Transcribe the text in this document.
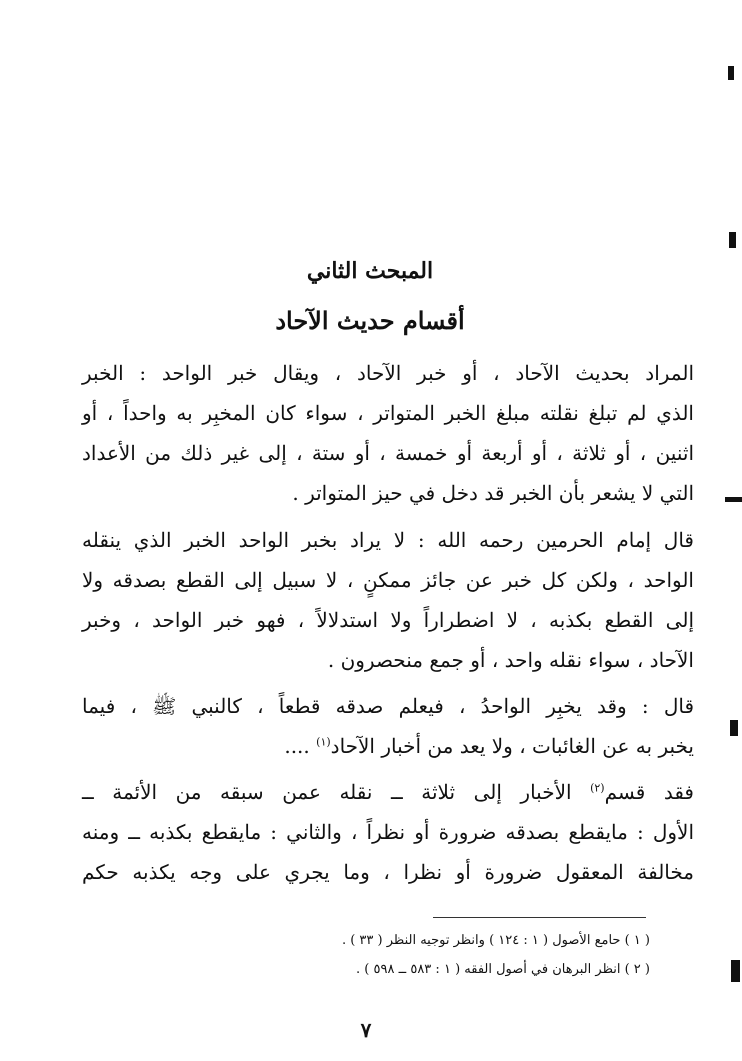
المبحث الثاني
أقسام حديث الآحاد
المراد بحديث الآحاد ، أو خبر الآحاد ، ويقال خبر الواحد : الخبر
الذي لم تبلغ نقلته مبلغ الخبر المتواتر ، سواء كان المخبِر به واحداً ، أو
اثنين ، أو ثلاثة ، أو أربعة أو خمسة ، أو ستة ، إلى غير ذلك من الأعداد
التي لا يشعر بأن الخبر قد دخل في حيز المتواتر .
قال إمام الحرمين رحمه الله : لا يراد بخبر الواحد الخبر الذي ينقله
الواحد ، ولكن كل خبر عن جائز ممكنٍ ، لا سبيل إلى القطع بصدقه ولا
إلى القطع بكذبه ، لا اضطراراً ولا استدلالاً ، فهو خبر الواحد ، وخبر
الآحاد ، سواء نقله واحد ، أو جمع منحصرون .
قال : وقد يخبِر الواحدُ ، فيعلم صدقه قطعاً ، كالنبي ﷺ ، فيما
يخبر به عن الغائبات ، ولا يعد من أخبار الآحاد$^{(١)}$ ....
فقد قسم$^{(٢)}$ الأخبار إلى ثلاثة ــ نقله عمن سبقه من الأئمة ــ
الأول : مايقطع بصدقه ضرورة أو نظراً ، والثاني : مايقطع بكذبه ــ ومنه
مخالفة المعقول ضرورة أو نظرا ، وما يجري على وجه يكذبه حكم
( ١ ) حامع الأصول ( ١ : ١٢٤ ) وانظر توجيه النظر ( ٣٣ ) .
( ٢ ) انظر البرهان في أصول الفقه ( ١ : ٥٨٣ ــ ٥٩٨ ) .
٧
